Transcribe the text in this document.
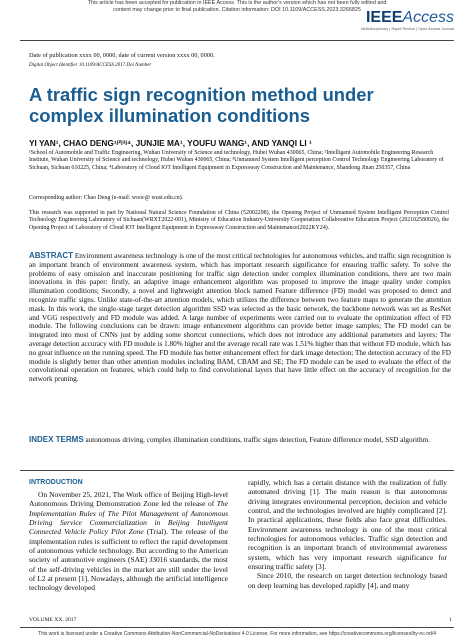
This article has been accepted for publication in IEEE Access. This is the author's version which has not been fully edited and
content may change prior to final publication. Citation information: DOI 10.1109/ACCESS.2023.3266825 IEEEAccess
Multidisciplinary | Rapid Review | Open Access Journal
Date of publication xxxx 00, 0000, date of current version xxxx 00, 0000.
Digital Object Identifier 10.1109/ACCESS.2017.Doi Number
A traffic sign recognition method under complex illumination conditions
YI YAN¹, CHAO DENG¹ʲ²ʲ³ʲ⁴, JUNJIE MA¹, YOUFU WANG¹, AND YANQI LI ¹
¹School of Automobile and Traffic Engineering, Wuhan University of Science and technology, Hubei Wuhan 430065, China; ²Intelligent Automobile Engineering Research Institute, Wuhan University of Science and technology, Hubei Wuhan 430065, China; ³Unmanned System Intelligent perception Control Technology Engineering Laboratory of Sichuan, Sichuan 610225, China; ⁴Laboratory of Cloud IOT Intelligent Equipment in Expressway Construction and Maintenance, Shandong Jinan 250357, China
Corresponding author: Chao Deng (e-mail: wooc@ wust.edu.cn).
This research was supported in part by National Natural Science Foundation of China (52002298), the Opening Project of Unmanned System Intelligent Perception Control Technology Engineering Laboratory of Sichuan(WRXT2022-001), Ministry of Education Industry-University Cooperation Collaborative Education Project (202102580026), the Opening Project of Laboratory of Cloud IOT Intelligent Equipment in Expressway Construction and Maintenance(2022KY24).
ABSTRACT Environment awareness technology is one of the most critical technologies for autonomous vehicles, and traffic sign recognition is an important branch of environment awareness system, which has important research significance for ensuring traffic safety. To solve the problems of easy omission and inaccurate positioning for traffic sign detection under complex illumination conditions, there are two main innovations in this paper: firstly, an adaptive image enhancement algorithm was proposed to improve the image quality under complex illumination conditions; Secondly, a novel and lightweight attention block named Feature difference (FD) model was proposed to detect and recognize traffic signs. Unlike state-of-the-art attention models, which utilizes the difference between two feature maps to generate the attention mask. In this work, the single-stage target detection algorithm SSD was selected as the basic network, the backbone network was set as ResNet and VGG respectively and FD module was added. A large number of experiments were carried out to evaluate the optimization effect of FD module. The following conclusions can be drawn: image enhancement algorithms can provide better image samples; The FD model can be integrated into most of CNNs just by adding some shortcut connections, which does not introduce any additional parameters and layers; The average detection accuracy with FD module is 1.80% higher and the average recall rate was 1.51% higher than that without FD module, which has no great influence on the running speed. The FD module has better enhancement effect for dark image detection; The detection accuracy of the FD module is slightly better than other attention modules including BAM, CBAM and SE; The FD module can be used to evaluate the effect of the convolutional operation on features, which could help to find convolutional layers that have little effect on the accuracy of recognition for the network pruning.
INDEX TERMS autonomous driving, complex illumination conditions, traffic signs detection, Feature difference model, SSD algorithm.
INTRODUCTION

On November 25, 2021, The Work office of Beijing High-level Autonomous Driving Demonstration Zone led the release of The Implementation Rules of The Pilot Management of Autonomous Driving Service Commercialization in Beijing Intelligent Connected Vehicle Policy Pilot Zone (Trial). The release of the implementation rules is sufficient to reflect the rapid development of autonomous vehicle technology. But according to the American society of automotive engineers (SAE) J3016 standards, the most of the self-driving vehicles in the market are still under the level of L2 at present [1]. Nowadays, although the artificial intelligence technology developed

rapidly, which has a certain distance with the realization of fully automated driving [1]. The main reason is that autonomous driving integrates environmental perception, decision and vehicle control, and the technologies involved are highly complicated [2]. In practical applications, these fields also face great difficulties. Environment awareness technology is one of the most critical technologies for autonomous vehicles. Traffic sign detection and recognition is an important branch of environmental awareness system, which has very important research significance for ensuring traffic safety [3].

Since 2010, the research on target detection technology based on deep learning has developed rapidly [4], and many

VOLUME XX, 2017	1
This work is licensed under a Creative Commons Attribution-NonCommercial-NoDerivatives 4.0 License. For more information, see https://creativecommons.org/licenses/by-nc-nd/4
